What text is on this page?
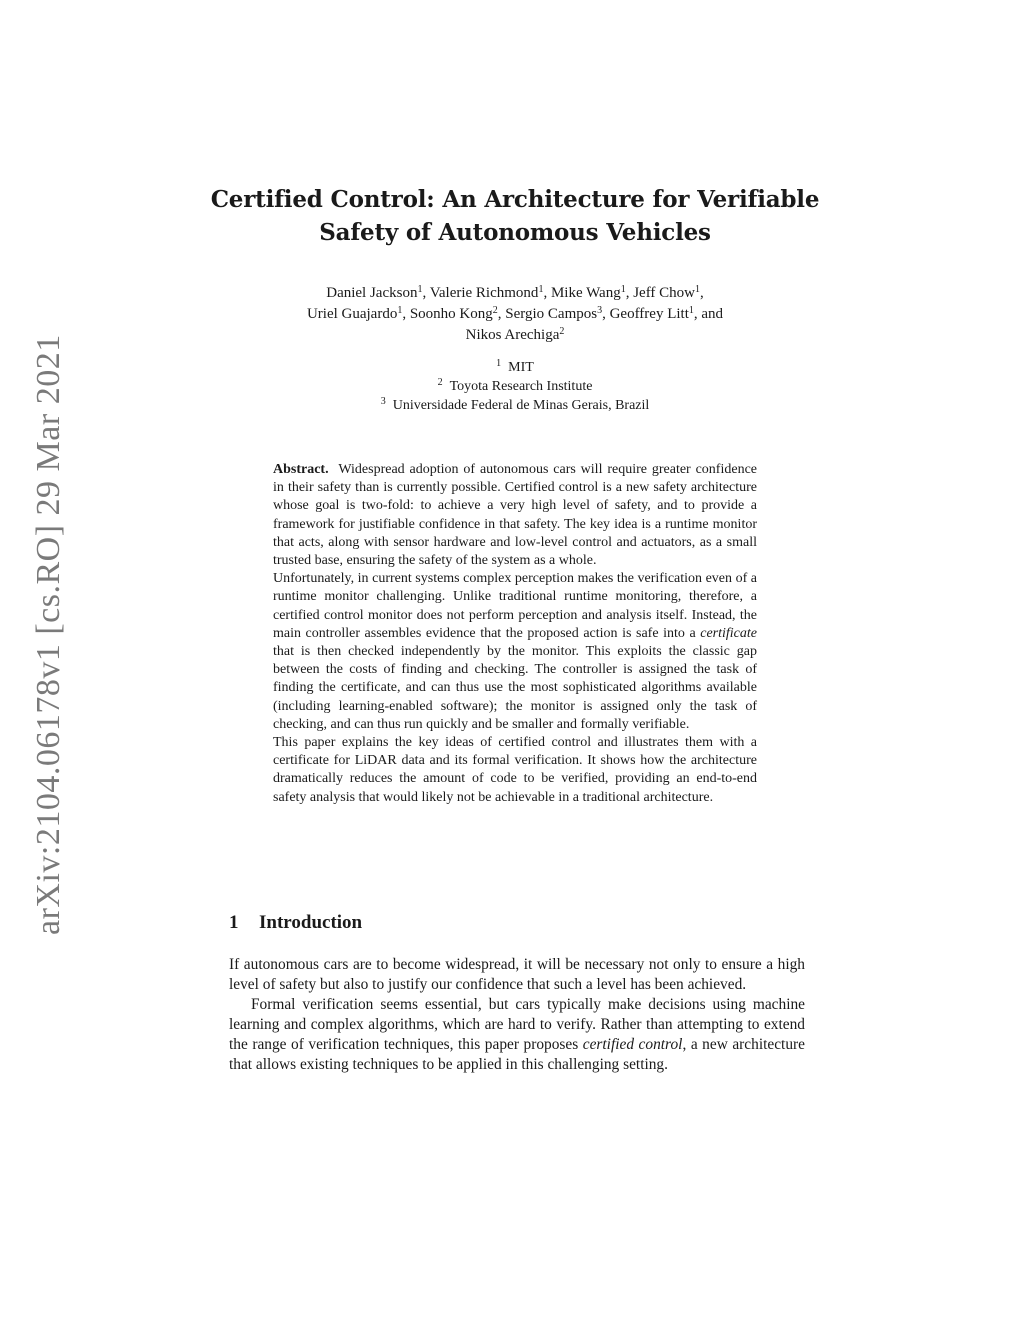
arXiv:2104.06178v1 [cs.RO] 29 Mar 2021
Certified Control: An Architecture for Verifiable
Safety of Autonomous Vehicles
Daniel Jackson$^1$, Valerie Richmond$^1$, Mike Wang$^1$, Jeff Chow$^1$,
Uriel Guajardo$^1$, Soonho Kong$^2$, Sergio Campos$^3$, Geoffrey Litt$^1$, and
Nikos Arechiga$^2$
$^1$ MIT
$^2$ Toyota Research Institute
$^3$ Universidade Federal de Minas Gerais, Brazil

Abstract. Widespread adoption of autonomous cars will require greater confidence in their safety than is currently possible. Certified control is a new safety architecture whose goal is two-fold: to achieve a very high level of safety, and to provide a framework for justifiable confidence in that safety. The key idea is a runtime monitor that acts, along with sensor hardware and low-level control and actuators, as a small trusted base, ensuring the safety of the system as a whole.

Unfortunately, in current systems complex perception makes the verification even of a runtime monitor challenging. Unlike traditional runtime monitoring, therefore, a certified control monitor does not perform perception and analysis itself. Instead, the main controller assembles evidence that the proposed action is safe into a certificate that is then checked independently by the monitor. This exploits the classic gap between the costs of finding and checking. The controller is assigned the task of finding the certificate, and can thus use the most sophisticated algorithms available (including learning-enabled software); the monitor is assigned only the task of checking, and can thus run quickly and be smaller and formally verifiable.

This paper explains the key ideas of certified control and illustrates them with a certificate for LiDAR data and its formal verification. It shows how the architecture dramatically reduces the amount of code to be verified, providing an end-to-end safety analysis that would likely not be achievable in a traditional architecture.

1 Introduction

If autonomous cars are to become widespread, it will be necessary not only to ensure a high level of safety but also to justify our confidence that such a level has been achieved.

Formal verification seems essential, but cars typically make decisions using machine learning and complex algorithms, which are hard to verify. Rather than attempting to extend the range of verification techniques, this paper proposes certified control, a new architecture that allows existing techniques to be applied in this challenging setting.
